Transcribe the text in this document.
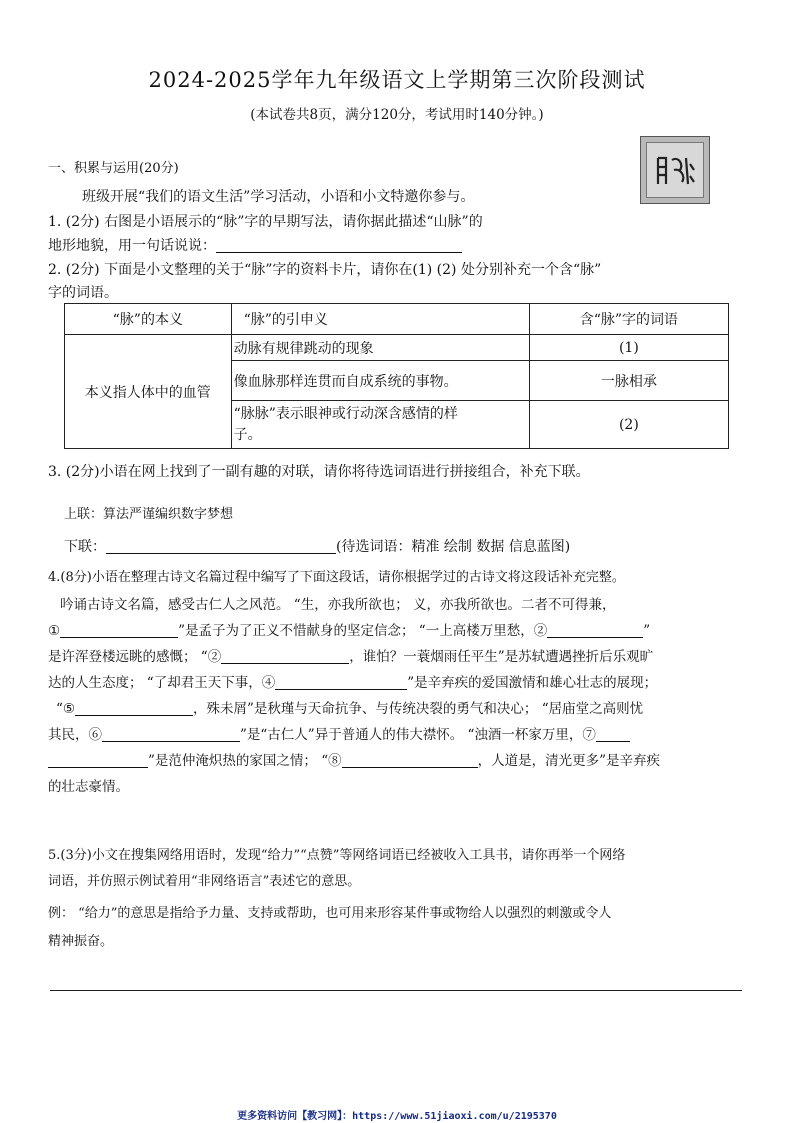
2024-2025学年九年级语文上学期第三次阶段测试
(本试卷共8页，满分120分，考试用时140分钟。)
一、积累与运用(20分)
班级开展“我们的语文生活”学习活动，小语和小文特邀你参与。
1. (2分) 右图是小语展示的“脉”字的早期写法，请你据此描述“山脉”的
地形地貌，用一句话说说：
2. (2分) 下面是小文整理的关于“脉”字的资料卡片，请你在(1) (2) 处分别补充一个含“脉”
字的词语。
“脉”的本义	“脉”的引申义	含“脉”字的词语
本义指人体中的血管	动脉有规律跳动的现象	(1)
	像血脉那样连贯而自成系统的事物。	一脉相承
	“脉脉”表示眼神或行动深含感情的样
子。	(2)
3. (2分)小语在网上找到了一副有趣的对联，请你将待选词语进行拼接组合，补充下联。
上联：算法严谨编织数字梦想
下联：	(待选词语：精准 绘制 数据 信息蓝图)
4.(8分)小语在整理古诗文名篇过程中编写了下面这段话，请你根据学过的古诗文将这段话补充完整。
吟诵古诗文名篇，感受古仁人之风范。 “生，亦我所欲也； 义，亦我所欲也。二者不可得兼，
①	”是孟子为了正义不惜献身的坚定信念； “一上高楼万里愁，②	”
是许浑登楼远眺的感慨； “②	，谁怕？一蓑烟雨任平生”是苏轼遭遇挫折后乐观旷
达的人生态度； “了却君王天下事，④	”是辛弃疾的爱国激情和雄心壮志的展现；
“⑤	，殊未屑”是秋瑾与天命抗争、与传统决裂的勇气和决心； “居庙堂之高则忧
其民，⑥	”是“古仁人”异于普通人的伟大襟怀。 “浊酒一杯家万里，⑦
”是范仲淹炽热的家国之情； “⑧	，人道是，清光更多”是辛弃疾
的壮志豪情。
5.(3分)小文在搜集网络用语时，发现“给力”“点赞”等网络词语已经被收入工具书，请你再举一个网络
词语，并仿照示例试着用“非网络语言”表述它的意思。
例： “给力”的意思是指给予力量、支持或帮助，也可用来形容某件事或物给人以强烈的刺激或令人
精神振奋。
更多资料访问【教习网】：https://www.51jiaoxi.com/u/2195370
